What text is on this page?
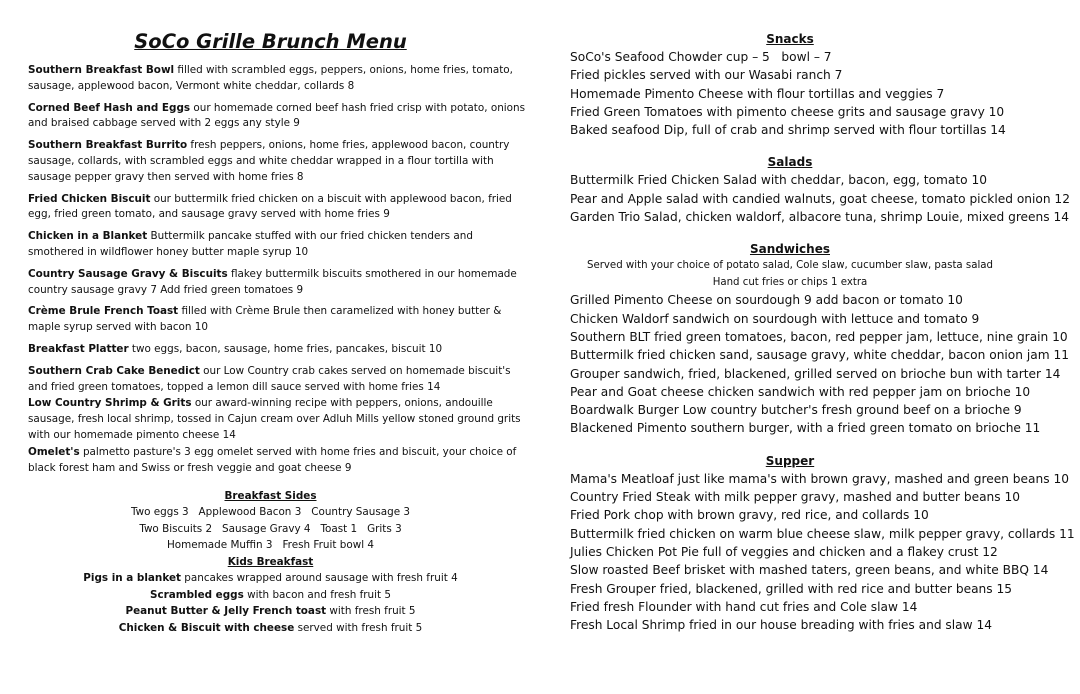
SoCo Grille Brunch Menu
Southern Breakfast Bowl filled with scrambled eggs, peppers, onions, home fries, tomato, sausage, applewood bacon, Vermont white cheddar, collards 8
Corned Beef Hash and Eggs our homemade corned beef hash fried crisp with potato, onions and braised cabbage served with 2 eggs any style 9
Southern Breakfast Burrito fresh peppers, onions, home fries, applewood bacon, country sausage, collards, with scrambled eggs and white cheddar wrapped in a flour tortilla with sausage pepper gravy then served with home fries 8
Fried Chicken Biscuit our buttermilk fried chicken on a biscuit with applewood bacon, fried egg, fried green tomato, and sausage gravy served with home fries 9
Chicken in a Blanket Buttermilk pancake stuffed with our fried chicken tenders and smothered in wildflower honey butter maple syrup 10
Country Sausage Gravy & Biscuits flakey buttermilk biscuits smothered in our homemade country sausage gravy 7 Add fried green tomatoes 9
Crème Brule French Toast filled with Crème Brule then caramelized with honey butter & maple syrup served with bacon 10
Breakfast Platter two eggs, bacon, sausage, home fries, pancakes, biscuit 10
Southern Crab Cake Benedict our Low Country crab cakes served on homemade biscuit's and fried green tomatoes, topped a lemon dill sauce served with home fries 14
Low Country Shrimp & Grits our award-winning recipe with peppers, onions, andouille sausage, fresh local shrimp, tossed in Cajun cream over Adluh Mills yellow stoned ground grits with our homemade pimento cheese 14
Omelet's palmetto pasture's 3 egg omelet served with home fries and biscuit, your choice of black forest ham and Swiss or fresh veggie and goat cheese 9
Breakfast Sides
Two eggs 3   Applewood Bacon 3   Country Sausage 3
Two Biscuits 2   Sausage Gravy 4   Toast 1   Grits 3
Homemade Muffin 3   Fresh Fruit bowl 4
Kids Breakfast
Pigs in a blanket pancakes wrapped around sausage with fresh fruit 4
Scrambled eggs with bacon and fresh fruit 5
Peanut Butter & Jelly French toast with fresh fruit 5
Chicken & Biscuit with cheese served with fresh fruit 5
Snacks
SoCo's Seafood Chowder cup – 5   bowl – 7
Fried pickles served with our Wasabi ranch 7
Homemade Pimento Cheese with flour tortillas and veggies 7
Fried Green Tomatoes with pimento cheese grits and sausage gravy 10
Baked seafood Dip, full of crab and shrimp served with flour tortillas 14
Salads
Buttermilk Fried Chicken Salad with cheddar, bacon, egg, tomato 10
Pear and Apple salad with candied walnuts, goat cheese, tomato pickled onion 12
Garden Trio Salad, chicken waldorf, albacore tuna, shrimp Louie, mixed greens 14
Sandwiches
Served with your choice of potato salad, Cole slaw, cucumber slaw, pasta salad
Hand cut fries or chips 1 extra
Grilled Pimento Cheese on sourdough 9 add bacon or tomato 10
Chicken Waldorf sandwich on sourdough with lettuce and tomato 9
Southern BLT fried green tomatoes, bacon, red pepper jam, lettuce, nine grain 10
Buttermilk fried chicken sand, sausage gravy, white cheddar, bacon onion jam 11
Grouper sandwich, fried, blackened, grilled served on brioche bun with tarter 14
Pear and Goat cheese chicken sandwich with red pepper jam on brioche 10
Boardwalk Burger Low country butcher's fresh ground beef on a brioche 9
Blackened Pimento southern burger, with a fried green tomato on brioche 11
Supper
Mama's Meatloaf just like mama's with brown gravy, mashed and green beans 10
Country Fried Steak with milk pepper gravy, mashed and butter beans 10
Fried Pork chop with brown gravy, red rice, and collards 10
Buttermilk fried chicken on warm blue cheese slaw, milk pepper gravy, collards 11
Julies Chicken Pot Pie full of veggies and chicken and a flakey crust 12
Slow roasted Beef brisket with mashed taters, green beans, and white BBQ 14
Fresh Grouper fried, blackened, grilled with red rice and butter beans 15
Fried fresh Flounder with hand cut fries and Cole slaw 14
Fresh Local Shrimp fried in our house breading with fries and slaw 14
